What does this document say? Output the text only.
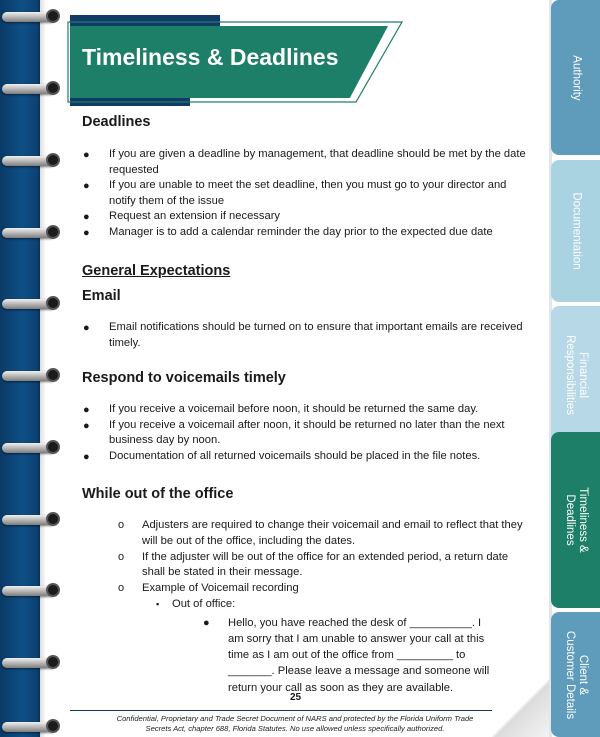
Timeliness & Deadlines
Deadlines
● If you are given a deadline by management, that deadline should be met by the date requested
● If you are unable to meet the set deadline, then you must go to your director and notify them of the issue
● Request an extension if necessary
● Manager is to add a calendar reminder the day prior to the expected due date
General Expectations
Email
● Email notifications should be turned on to ensure that important emails are received timely.
Respond to voicemails timely
● If you receive a voicemail before noon, it should be returned the same day.
● If you receive a voicemail after noon, it should be returned no later than the next business day by noon.
● Documentation of all returned voicemails should be placed in the file notes.
While out of the office
o Adjusters are required to change their voicemail and email to reflect that they will be out of the office, including the dates.
o If the adjuster will be out of the office for an extended period, a return date shall be stated in their message.
o Example of Voicemail recording
▪ Out of office:
● Hello, you have reached the desk of __________. I am sorry that I am unable to answer your call at this time as I am out of the office from _________ to _______. Please leave a message and someone will return your call as soon as they are available.
25
Confidential, Proprietary and Trade Secret Document of NARS and protected by the Florida Uniform Trade
Secrets Act, chapter 688, Florida Statutes. No use allowed unless specifically authorized.
Authority
Documentation
Financial
Responsibilities
Timeliness &
Deadlines
Client &
Customer Details
